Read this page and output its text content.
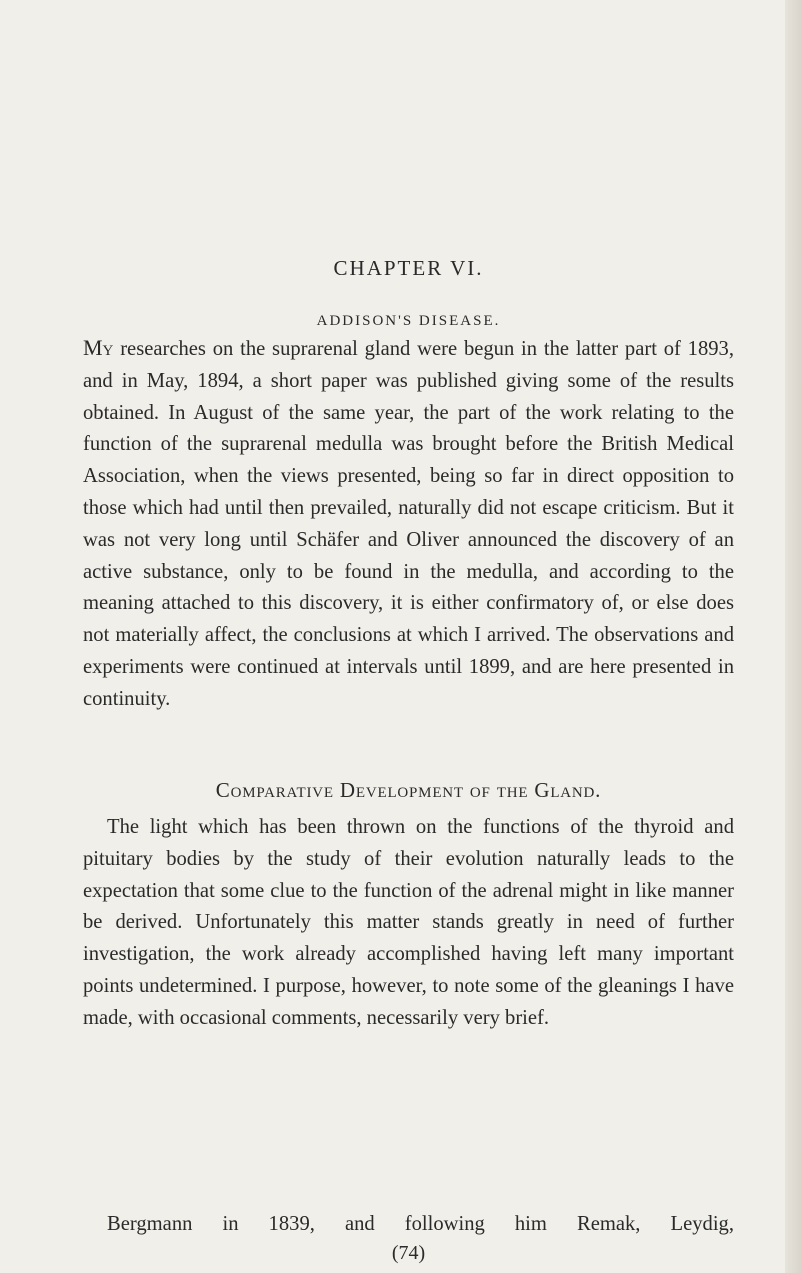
CHAPTER VI.
ADDISON'S DISEASE.

My researches on the suprarenal gland were begun in the latter part of 1893, and in May, 1894, a short paper was published giving some of the results obtained. In August of the same year, the part of the work relating to the function of the suprarenal medulla was brought before the British Medical Association, when the views presented, being so far in direct opposition to those which had until then prevailed, naturally did not escape criticism. But it was not very long until Schäfer and Oliver announced the discovery of an active substance, only to be found in the medulla, and according to the meaning attached to this discovery, it is either confirmatory of, or else does not materially affect, the conclusions at which I arrived. The observations and experiments were continued at intervals until 1899, and are here presented in continuity.

Comparative Development of the Gland.

The light which has been thrown on the functions of the thyroid and pituitary bodies by the study of their evolution naturally leads to the expectation that some clue to the function of the adrenal might in like manner be derived. Unfortunately this matter stands greatly in need of further investigation, the work already accomplished having left many important points undetermined. I purpose, however, to note some of the gleanings I have made, with occasional comments, necessarily very brief.

Bergmann in 1839, and following him Remak, Leydig,

(74)
